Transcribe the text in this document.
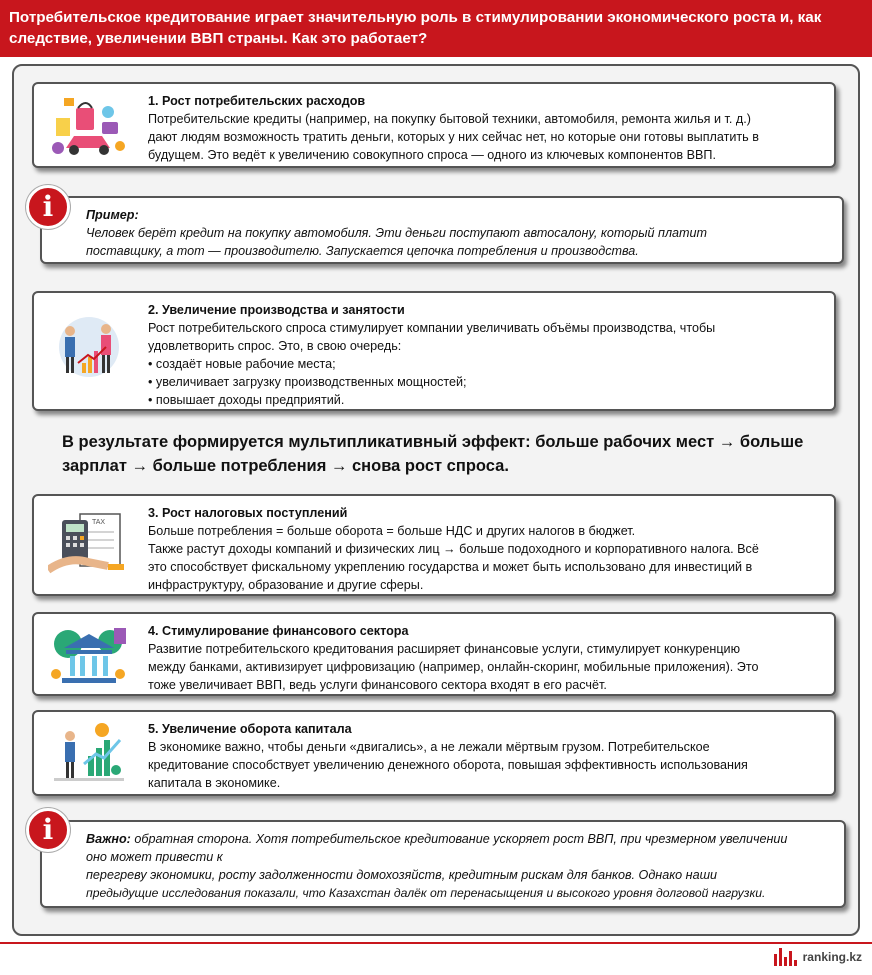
Потребительское кредитование играет значительную роль в стимулировании экономического роста и, как следствие, увеличении ВВП страны. Как это работает?
1. Рост потребительских расходов
Потребительские кредиты (например, на покупку бытовой техники, автомобиля, ремонта жилья и т. д.)
дают людям возможность тратить деньги, которых у них сейчас нет, но которые они готовы выплатить в
будущем. Это ведёт к увеличению совокупного спроса — одного из ключевых компонентов ВВП.
Пример:
Человек берёт кредит на покупку автомобиля. Эти деньги поступают автосалону, который платит
поставщику, а тот — производителю. Запускается цепочка потребления и производства.
i
2. Увеличение производства и занятости
Рост потребительского спроса стимулирует компании увеличивать объёмы производства, чтобы
удовлетворить спрос. Это, в свою очередь:
• создаёт новые рабочие места;
• увеличивает загрузку производственных мощностей;
• повышает доходы предприятий.
В результате формируется мультипликативный эффект: больше рабочих мест → больше зарплат → больше потребления → снова рост спроса.
TAX
3. Рост налоговых поступлений
Больше потребления = больше оборота = больше НДС и других налогов в бюджет.
Также растут доходы компаний и физических лиц → больше подоходного и корпоративного налога. Всё
это способствует фискальному укреплению государства и может быть использовано для инвестиций в
инфраструктуру, образование и другие сферы.
4. Стимулирование финансового сектора
Развитие потребительского кредитования расширяет финансовые услуги, стимулирует конкуренцию
между банками, активизирует цифровизацию (например, онлайн-скоринг, мобильные приложения). Это
тоже увеличивает ВВП, ведь услуги финансового сектора входят в его расчёт.
5. Увеличение оборота капитала
В экономике важно, чтобы деньги «двигались», а не лежали мёртвым грузом. Потребительское
кредитование способствует увеличению денежного оборота, повышая эффективность использования
капитала в экономике.
Важно: обратная сторона. Хотя потребительское кредитование ускоряет рост ВВП, при чрезмерном увеличении
оно может привести к
перегреву экономики, росту задолженности домохозяйств, кредитным рискам для банков. Однако наши
предыдущие исследования показали, что Казахстан далёк от перенасыщения и высокого уровня долговой нагрузки.
i
ranking.kz
